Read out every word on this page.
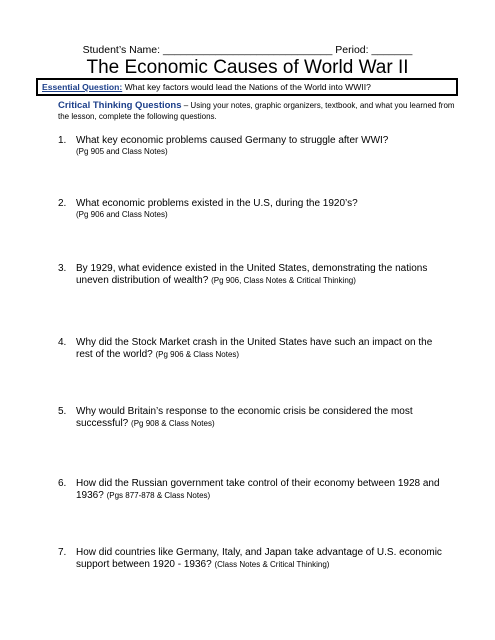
Student’s Name: _____________________________ Period: _______
The Economic Causes of World War II
Essential Question: What key factors would lead the Nations of the World into WWII?
Critical Thinking Questions – Using your notes, graphic organizers, textbook, and what you learned from the lesson, complete the following questions.
1. What key economic problems caused Germany to struggle after WWI?
(Pg 905 and Class Notes)
2. What economic problems existed in the U.S, during the 1920’s?
(Pg 906 and Class Notes)
3. By 1929, what evidence existed in the United States, demonstrating the nations uneven distribution of wealth? (Pg 906, Class Notes & Critical Thinking)
4. Why did the Stock Market crash in the United States have such an impact on the rest of the world? (Pg 906 & Class Notes)
5. Why would Britain’s response to the economic crisis be considered the most successful? (Pg 908 & Class Notes)
6. How did the Russian government take control of their economy between 1928 and 1936? (Pgs 877-878 & Class Notes)
7. How did countries like Germany, Italy, and Japan take advantage of U.S. economic support between 1920 - 1936? (Class Notes & Critical Thinking)
